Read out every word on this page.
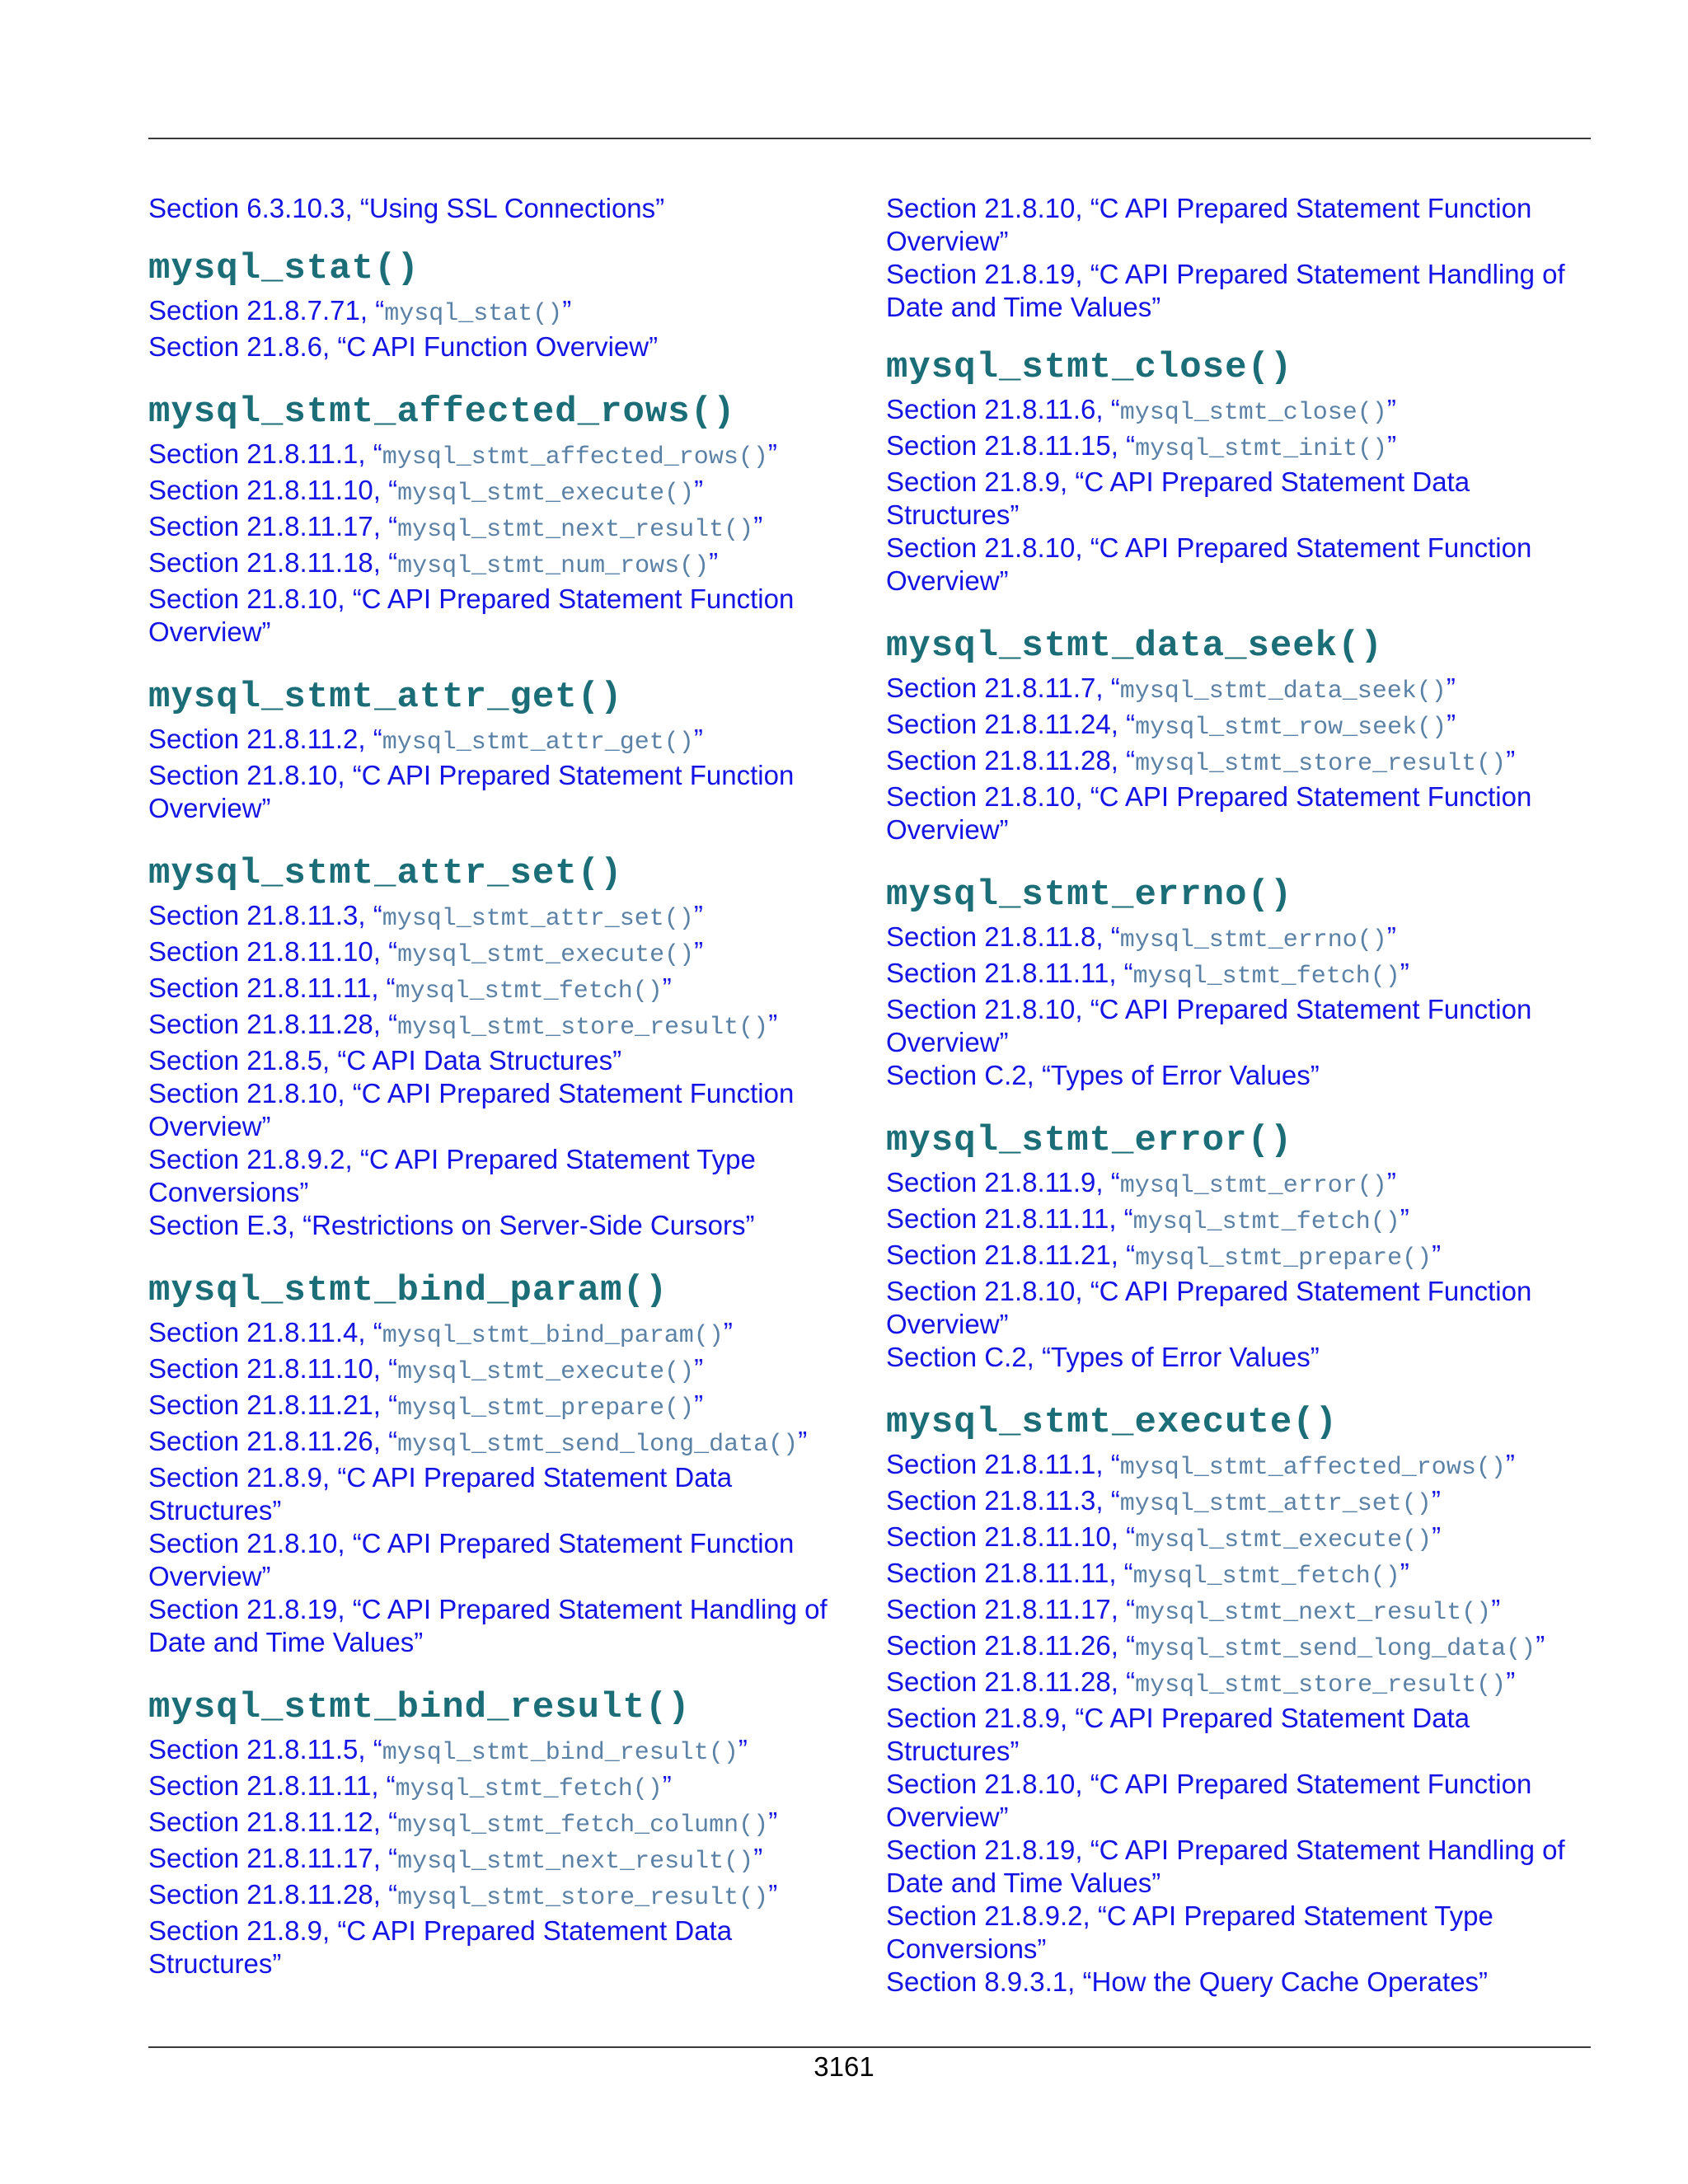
Section 6.3.10.3, “Using SSL Connections”
mysql_stat()
Section 21.8.7.71, “mysql_stat()”
Section 21.8.6, “C API Function Overview”
mysql_stmt_affected_rows()
Section 21.8.11.1, “mysql_stmt_affected_rows()”
Section 21.8.11.10, “mysql_stmt_execute()”
Section 21.8.11.17, “mysql_stmt_next_result()”
Section 21.8.11.18, “mysql_stmt_num_rows()”
Section 21.8.10, “C API Prepared Statement Function Overview”
mysql_stmt_attr_get()
Section 21.8.11.2, “mysql_stmt_attr_get()”
Section 21.8.10, “C API Prepared Statement Function Overview”
mysql_stmt_attr_set()
Section 21.8.11.3, “mysql_stmt_attr_set()”
Section 21.8.11.10, “mysql_stmt_execute()”
Section 21.8.11.11, “mysql_stmt_fetch()”
Section 21.8.11.28, “mysql_stmt_store_result()”
Section 21.8.5, “C API Data Structures”
Section 21.8.10, “C API Prepared Statement Function Overview”
Section 21.8.9.2, “C API Prepared Statement Type Conversions”
Section E.3, “Restrictions on Server-Side Cursors”
mysql_stmt_bind_param()
Section 21.8.11.4, “mysql_stmt_bind_param()”
Section 21.8.11.10, “mysql_stmt_execute()”
Section 21.8.11.21, “mysql_stmt_prepare()”
Section 21.8.11.26, “mysql_stmt_send_long_data()”
Section 21.8.9, “C API Prepared Statement Data Structures”
Section 21.8.10, “C API Prepared Statement Function Overview”
Section 21.8.19, “C API Prepared Statement Handling of Date and Time Values”
mysql_stmt_bind_result()
Section 21.8.11.5, “mysql_stmt_bind_result()”
Section 21.8.11.11, “mysql_stmt_fetch()”
Section 21.8.11.12, “mysql_stmt_fetch_column()”
Section 21.8.11.17, “mysql_stmt_next_result()”
Section 21.8.11.28, “mysql_stmt_store_result()”
Section 21.8.9, “C API Prepared Statement Data Structures”
Section 21.8.10, “C API Prepared Statement Function Overview”
Section 21.8.19, “C API Prepared Statement Handling of Date and Time Values”
mysql_stmt_close()
Section 21.8.11.6, “mysql_stmt_close()”
Section 21.8.11.15, “mysql_stmt_init()”
Section 21.8.9, “C API Prepared Statement Data Structures”
Section 21.8.10, “C API Prepared Statement Function Overview”
mysql_stmt_data_seek()
Section 21.8.11.7, “mysql_stmt_data_seek()”
Section 21.8.11.24, “mysql_stmt_row_seek()”
Section 21.8.11.28, “mysql_stmt_store_result()”
Section 21.8.10, “C API Prepared Statement Function Overview”
mysql_stmt_errno()
Section 21.8.11.8, “mysql_stmt_errno()”
Section 21.8.11.11, “mysql_stmt_fetch()”
Section 21.8.10, “C API Prepared Statement Function Overview”
Section C.2, “Types of Error Values”
mysql_stmt_error()
Section 21.8.11.9, “mysql_stmt_error()”
Section 21.8.11.11, “mysql_stmt_fetch()”
Section 21.8.11.21, “mysql_stmt_prepare()”
Section 21.8.10, “C API Prepared Statement Function Overview”
Section C.2, “Types of Error Values”
mysql_stmt_execute()
Section 21.8.11.1, “mysql_stmt_affected_rows()”
Section 21.8.11.3, “mysql_stmt_attr_set()”
Section 21.8.11.10, “mysql_stmt_execute()”
Section 21.8.11.11, “mysql_stmt_fetch()”
Section 21.8.11.17, “mysql_stmt_next_result()”
Section 21.8.11.26, “mysql_stmt_send_long_data()”
Section 21.8.11.28, “mysql_stmt_store_result()”
Section 21.8.9, “C API Prepared Statement Data Structures”
Section 21.8.10, “C API Prepared Statement Function Overview”
Section 21.8.19, “C API Prepared Statement Handling of Date and Time Values”
Section 21.8.9.2, “C API Prepared Statement Type Conversions”
Section 8.9.3.1, “How the Query Cache Operates”
3161
